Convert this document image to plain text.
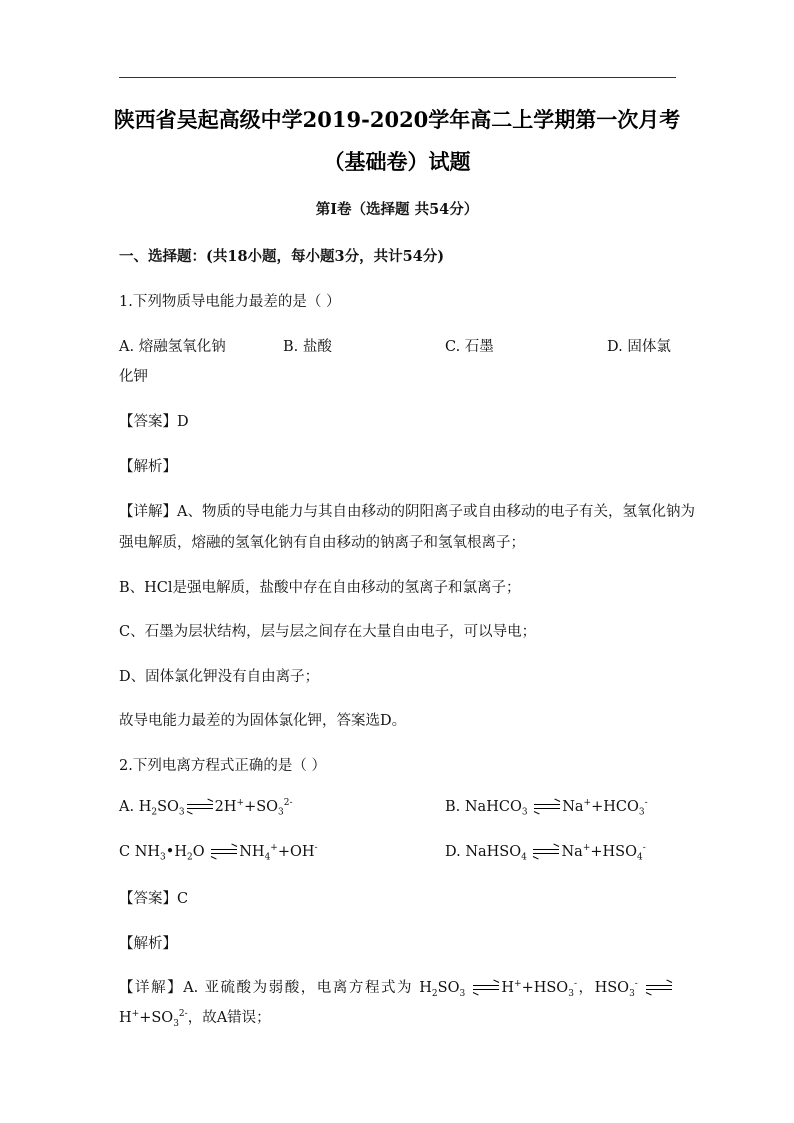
陕西省吴起高级中学2019-2020学年高二上学期第一次月考
（基础卷）试题
第Ⅰ卷（选择题 共54分）
一、选择题：(共18小题，每小题3分，共计54分)
1.下列物质导电能力最差的是（ ）
A. 熔融氢氧化钠	B. 盐酸	C. 石墨	D. 固体氯
化钾
【答案】D
【解析】
【详解】A、物质的导电能力与其自由移动的阴阳离子或自由移动的电子有关，氢氧化钠为
强电解质，熔融的氢氧化钠有自由移动的钠离子和氢氧根离子；
B、HCl是强电解质，盐酸中存在自由移动的氢离子和氯离子；
C、石墨为层状结构，层与层之间存在大量自由电子，可以导电；
D、固体氯化钾没有自由离子；
故导电能力最差的为固体氯化钾，答案选D。
2.下列电离方程式正确的是（ ）
A. $H_2SO_3$ $2H^++SO_3^{2-}$	B. NaHCO$_3$ $Na^++HCO_3^-$
C $NH_3•H_2O$
$NH_4^++OH^-$	D. NaHSO$_4$ $Na^++HSO_4^-$
【答案】C
【解析】
【详解】A. 亚硫酸为弱酸，电离方程式为 $H_2SO_3$ $H^++HSO_3^-$，$HSO_3^-$
$H^++SO_3^{2-}$，故A错误；
